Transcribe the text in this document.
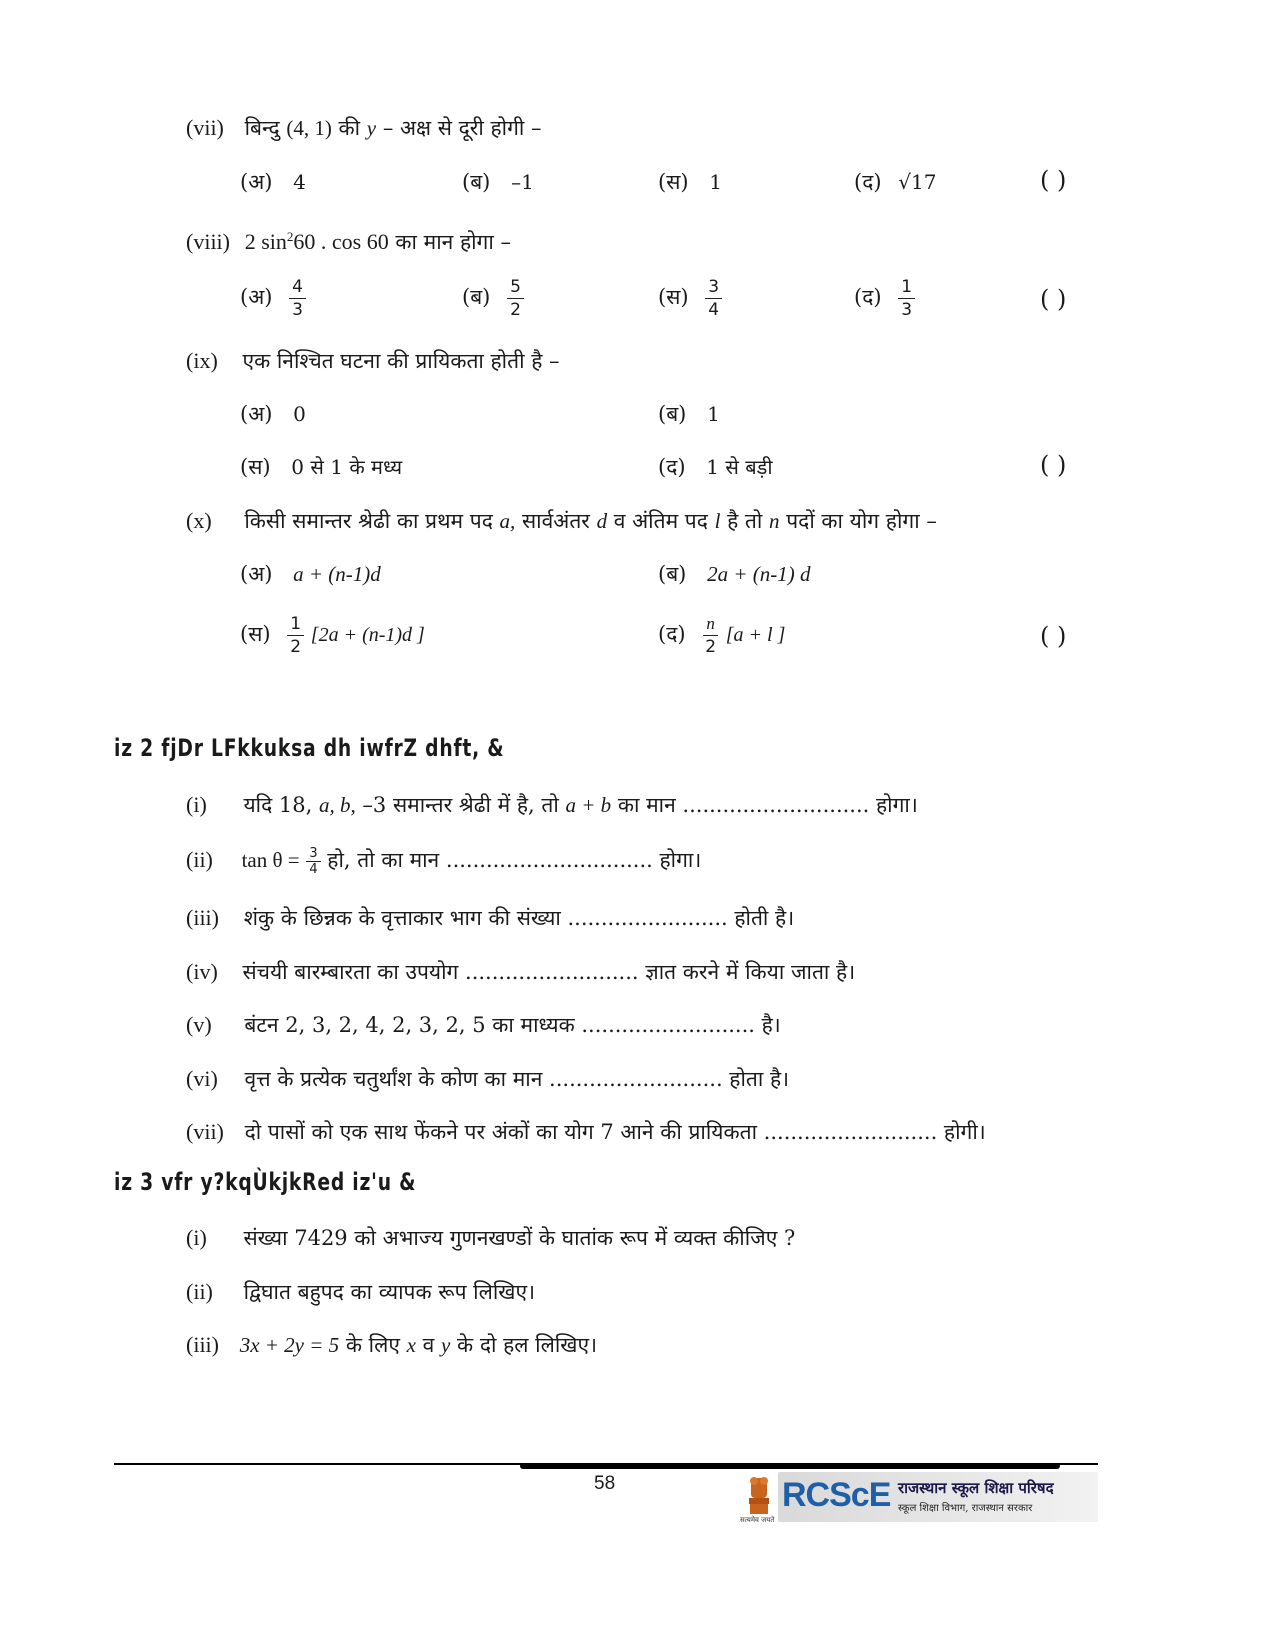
(vii) बिन्दु (4, 1) की y – अक्ष से दूरी होगी –
(अ) 4	(ब) –1	(स) 1	(द) √17	( )
(viii) 2 $\sin^260$ . cos 60 का मान होगा –
(अ) $\frac{4}{3}$	(ब) $\frac{5}{2}$	(स) $\frac{3}{4}$	(द) $\frac{1}{3}$	( )
(ix) एक निश्चित घटना की प्रायिकता होती है –
(अ) 0	(ब) 1
(स) 0 से 1 के मध्य	(द) 1 से बड़ी	( )
(x) किसी समान्तर श्रेढी का प्रथम पद a, सार्वअंतर d व अंतिम पद l है तो n पदों का योग होगा –
(अ) a + (n-1)d	(ब) 2a + (n-1) d
(स) $\frac{1}{2} [2a + (n-1)d$ ]	(द) $\frac{n}{2} [a + l$ ]	( )
iz 2 fjDr LFkkuksa dh iwfrZ dhft, &
(i) यदि 18, a, b, –3 समान्तर श्रेढी में है, तो a + b का मान ............................ होगा।
(ii) $\tan \theta = \frac{3}{4}$ हो, तो का मान ............................... होगा।
(iii) शंकु के छिन्नक के वृत्ताकार भाग की संख्या ........................ होती है।
(iv) संचयी बारम्बारता का उपयोग .......................... ज्ञात करने में किया जाता है।
(v) बंटन 2, 3, 2, 4, 2, 3, 2, 5 का माध्यक .......................... है।
(vi) वृत्त के प्रत्येक चतुर्थांश के कोण का मान .......................... होता है।
(vii) दो पासों को एक साथ फेंकने पर अंकों का योग 7 आने की प्रायिकता .......................... होगी।
iz 3 vfr y?kqÙkjkRed iz'u &
(i) संख्या 7429 को अभाज्य गुणनखण्डों के घातांक रूप में व्यक्त कीजिए ?
(ii) द्विघात बहुपद का व्यापक रूप लिखिए।
(iii) 3x + 2y = 5 के लिए x व y के दो हल लिखिए।
58
सत्यमेव जयते
RCScE राजस्थान स्कूल शिक्षा परिषद
स्कूल शिक्षा विभाग, राजस्थान सरकार
